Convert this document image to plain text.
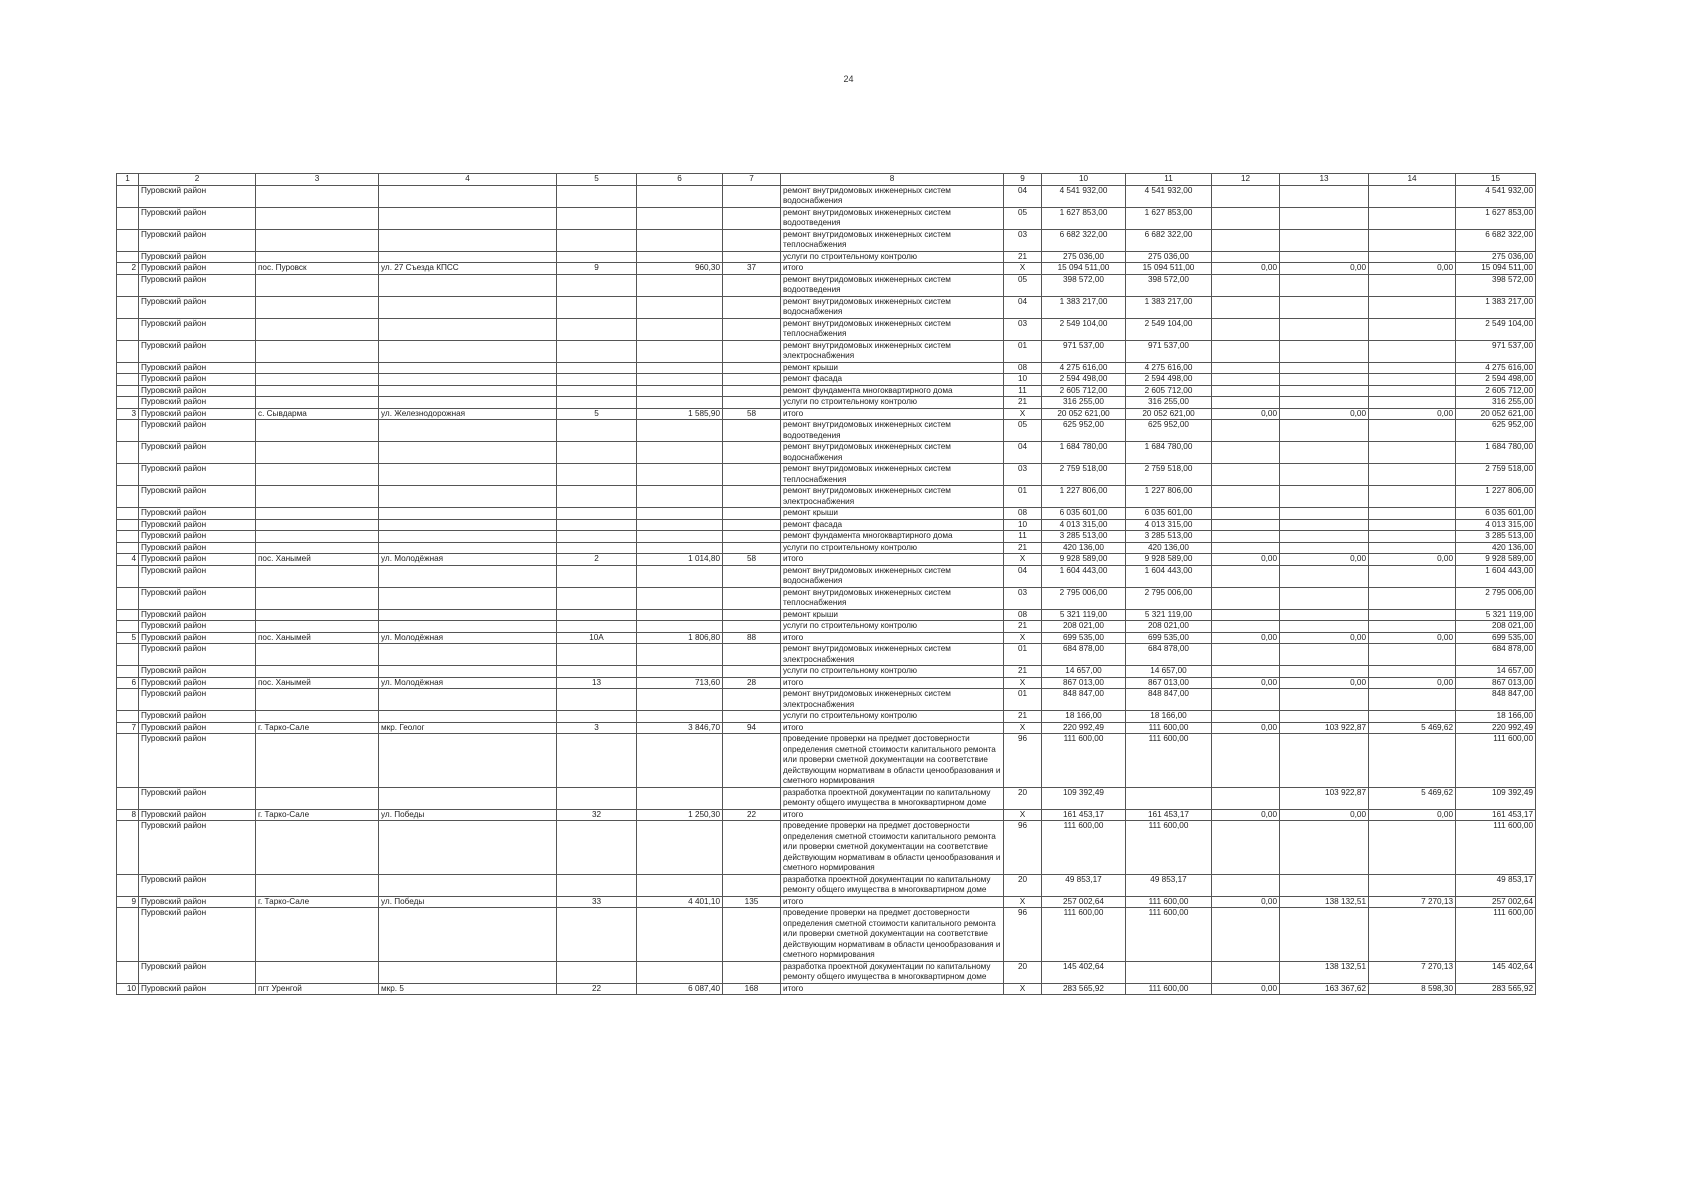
24
1	2	3	4	5	6	7	8	9	10	11	12	13	14	15
	Пуровский район						ремонт внутридомовых инженерных систем водоснабжения	04	4 541 932,00	4 541 932,00				4 541 932,00
	Пуровский район						ремонт внутридомовых инженерных систем водоотведения	05	1 627 853,00	1 627 853,00				1 627 853,00
	Пуровский район						ремонт внутридомовых инженерных систем теплоснабжения	03	6 682 322,00	6 682 322,00				6 682 322,00
	Пуровский район						услуги по строительному контролю	21	275 036,00	275 036,00				275 036,00
2	Пуровский район	пос. Пуровск	ул. 27 Съезда КПСС	9	960,30	37	итого	X	15 094 511,00	15 094 511,00	0,00	0,00	0,00	15 094 511,00
	Пуровский район						ремонт внутридомовых инженерных систем водоотведения	05	398 572,00	398 572,00				398 572,00
	Пуровский район						ремонт внутридомовых инженерных систем водоснабжения	04	1 383 217,00	1 383 217,00				1 383 217,00
	Пуровский район						ремонт внутридомовых инженерных систем теплоснабжения	03	2 549 104,00	2 549 104,00				2 549 104,00
	Пуровский район						ремонт внутридомовых инженерных систем электроснабжения	01	971 537,00	971 537,00				971 537,00
	Пуровский район						ремонт крыши	08	4 275 616,00	4 275 616,00				4 275 616,00
	Пуровский район						ремонт фасада	10	2 594 498,00	2 594 498,00				2 594 498,00
	Пуровский район						ремонт фундамента многоквартирного дома	11	2 605 712,00	2 605 712,00				2 605 712,00
	Пуровский район						услуги по строительному контролю	21	316 255,00	316 255,00				316 255,00
3	Пуровский район	с. Сывдарма	ул. Железнодорожная	5	1 585,90	58	итого	X	20 052 621,00	20 052 621,00	0,00	0,00	0,00	20 052 621,00
	Пуровский район						ремонт внутридомовых инженерных систем водоотведения	05	625 952,00	625 952,00				625 952,00
	Пуровский район						ремонт внутридомовых инженерных систем водоснабжения	04	1 684 780,00	1 684 780,00				1 684 780,00
	Пуровский район						ремонт внутридомовых инженерных систем теплоснабжения	03	2 759 518,00	2 759 518,00				2 759 518,00
	Пуровский район						ремонт внутридомовых инженерных систем электроснабжения	01	1 227 806,00	1 227 806,00				1 227 806,00
	Пуровский район						ремонт крыши	08	6 035 601,00	6 035 601,00				6 035 601,00
	Пуровский район						ремонт фасада	10	4 013 315,00	4 013 315,00				4 013 315,00
	Пуровский район						ремонт фундамента многоквартирного дома	11	3 285 513,00	3 285 513,00				3 285 513,00
	Пуровский район						услуги по строительному контролю	21	420 136,00	420 136,00				420 136,00
4	Пуровский район	пос. Ханымей	ул. Молодёжная	2	1 014,80	58	итого	X	9 928 589,00	9 928 589,00	0,00	0,00	0,00	9 928 589,00
	Пуровский район						ремонт внутридомовых инженерных систем водоснабжения	04	1 604 443,00	1 604 443,00				1 604 443,00
	Пуровский район						ремонт внутридомовых инженерных систем теплоснабжения	03	2 795 006,00	2 795 006,00				2 795 006,00
	Пуровский район						ремонт крыши	08	5 321 119,00	5 321 119,00				5 321 119,00
	Пуровский район						услуги по строительному контролю	21	208 021,00	208 021,00				208 021,00
5	Пуровский район	пос. Ханымей	ул. Молодёжная	10А	1 806,80	88	итого	X	699 535,00	699 535,00	0,00	0,00	0,00	699 535,00
	Пуровский район						ремонт внутридомовых инженерных систем электроснабжения	01	684 878,00	684 878,00				684 878,00
	Пуровский район						услуги по строительному контролю	21	14 657,00	14 657,00				14 657,00
6	Пуровский район	пос. Ханымей	ул. Молодёжная	13	713,60	28	итого	X	867 013,00	867 013,00	0,00	0,00	0,00	867 013,00
	Пуровский район						ремонт внутридомовых инженерных систем электроснабжения	01	848 847,00	848 847,00				848 847,00
	Пуровский район						услуги по строительному контролю	21	18 166,00	18 166,00				18 166,00
7	Пуровский район	г. Тарко-Сале	мкр. Геолог	3	3 846,70	94	итого	X	220 992,49	111 600,00	0,00	103 922,87	5 469,62	220 992,49
	Пуровский район						проведение проверки на предмет достоверности определения сметной стоимости капитального ремонта или проверки сметной документации на соответствие действующим нормативам в области ценообразования и сметного нормирования	96	111 600,00	111 600,00				111 600,00
	Пуровский район						разработка проектной документации по капитальному ремонту общего имущества в многоквартирном доме	20	109 392,49			103 922,87	5 469,62	109 392,49
8	Пуровский район	г. Тарко-Сале	ул. Победы	32	1 250,30	22	итого	X	161 453,17	161 453,17	0,00	0,00	0,00	161 453,17
	Пуровский район						проведение проверки на предмет достоверности определения сметной стоимости капитального ремонта или проверки сметной документации на соответствие действующим нормативам в области ценообразования и сметного нормирования	96	111 600,00	111 600,00				111 600,00
	Пуровский район						разработка проектной документации по капитальному ремонту общего имущества в многоквартирном доме	20	49 853,17	49 853,17				49 853,17
9	Пуровский район	г. Тарко-Сале	ул. Победы	33	4 401,10	135	итого	X	257 002,64	111 600,00	0,00	138 132,51	7 270,13	257 002,64
	Пуровский район						проведение проверки на предмет достоверности определения сметной стоимости капитального ремонта или проверки сметной документации на соответствие действующим нормативам в области ценообразования и сметного нормирования	96	111 600,00	111 600,00				111 600,00
	Пуровский район						разработка проектной документации по капитальному ремонту общего имущества в многоквартирном доме	20	145 402,64			138 132,51	7 270,13	145 402,64
10	Пуровский район	пгт Уренгой	мкр. 5	22	6 087,40	168	итого	X	283 565,92	111 600,00	0,00	163 367,62	8 598,30	283 565,92
